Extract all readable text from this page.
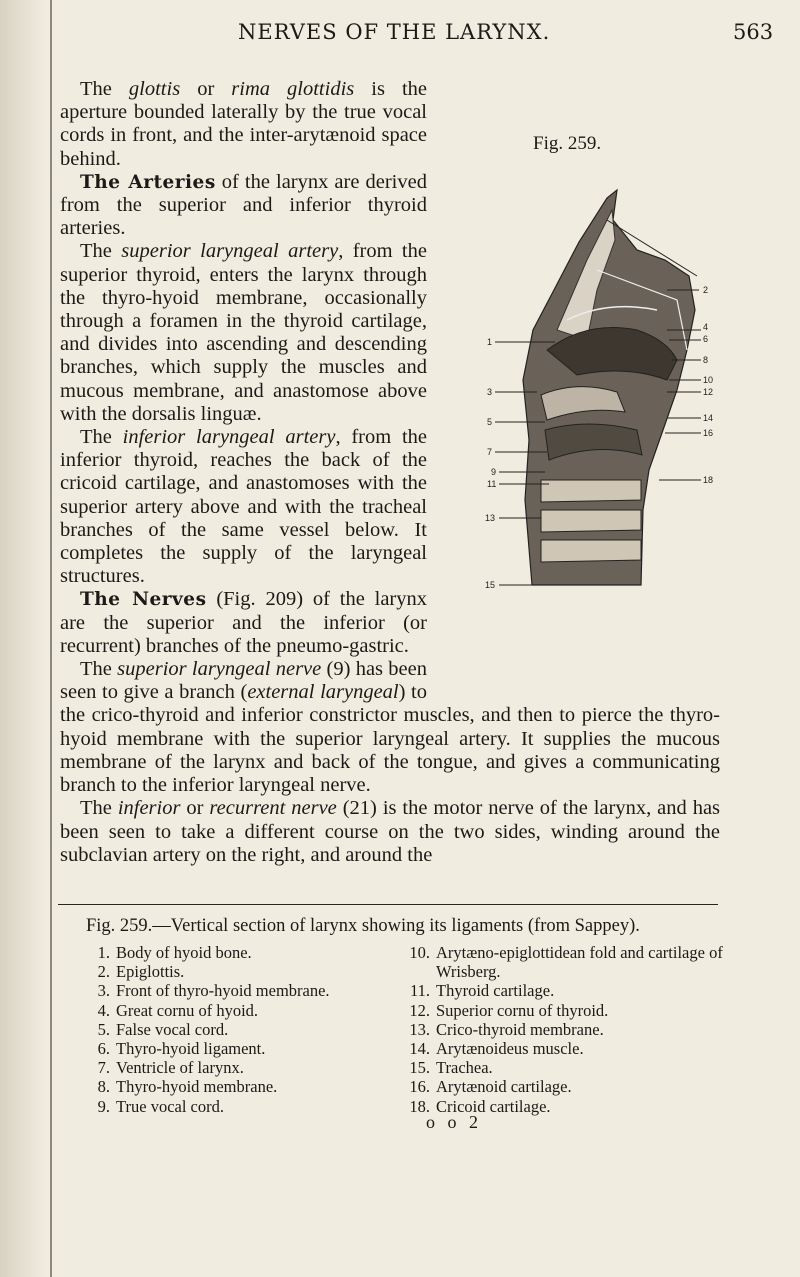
NERVES OF THE LARYNX.	563
Fig. 259.
1
3
5
7
9
11
13
15
2
4
6
8
10
12
14
16
18

The glottis or rima glottidis is the aperture bounded laterally by the true vocal cords in front, and the inter-arytænoid space behind.

The Arteries of the larynx are derived from the superior and inferior thyroid arteries.

The superior laryngeal artery, from the superior thyroid, enters the larynx through the thyro-hyoid membrane, occasionally through a foramen in the thyroid cartilage, and divides into ascending and descending branches, which supply the muscles and mucous membrane, and anastomose above with the dorsalis linguæ.

The inferior laryngeal artery, from the inferior thyroid, reaches the back of the cricoid cartilage, and anastomoses with the superior artery above and with the tracheal branches of the same vessel below. It completes the supply of the laryngeal structures.

The Nerves (Fig. 209) of the larynx are the superior and the inferior (or recurrent) branches of the pneumo-gastric.

The superior laryngeal nerve (9) has been seen to give a branch (external laryngeal) to the crico-thyroid and inferior constrictor muscles, and then to pierce the thyro-hyoid membrane with the superior laryngeal artery. It supplies the mucous membrane of the larynx and back of the tongue, and gives a communicating branch to the inferior laryngeal nerve.

The inferior or recurrent nerve (21) is the motor nerve of the larynx, and has been seen to take a different course on the two sides, winding around the subclavian artery on the right, and around the

Fig. 259.—Vertical section of larynx showing its ligaments (from Sappey).
1. Body of hyoid bone.
2. Epiglottis.
3. Front of thyro-hyoid membrane.
4. Great cornu of hyoid.
5. False vocal cord.
6. Thyro-hyoid ligament.
7. Ventricle of larynx.
8. Thyro-hyoid membrane.
9. True vocal cord.
10. Arytæno-epiglottidean fold and cartilage of Wrisberg.
11. Thyroid cartilage.
12. Superior cornu of thyroid.
13. Crico-thyroid membrane.
14. Arytænoideus muscle.
15. Trachea.
16. Arytænoid cartilage.
18. Cricoid cartilage.
o o 2
